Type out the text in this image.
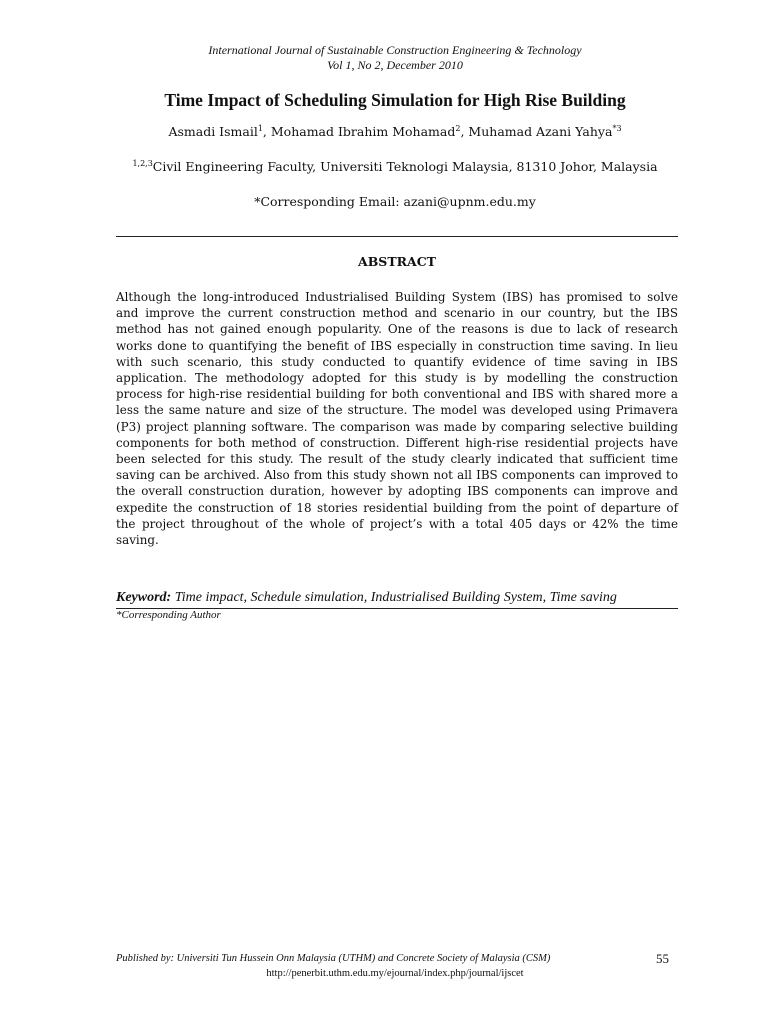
International Journal of Sustainable Construction Engineering & Technology
Vol 1, No 2, December 2010
Time Impact of Scheduling Simulation for High Rise Building
Asmadi Ismail$^1$, Mohamad Ibrahim Mohamad$^2$, Muhamad Azani Yahya$^{*3}$
$^{1,2,3}$Civil Engineering Faculty, Universiti Teknologi Malaysia, 81310 Johor, Malaysia
*Corresponding Email: azani@upnm.edu.my
ABSTRACT

Although the long-introduced Industrialised Building System (IBS) has promised to solve and improve the current construction method and scenario in our country, but the IBS method has not gained enough popularity. One of the reasons is due to lack of research works done to quantifying the benefit of IBS especially in construction time saving. In lieu with such scenario, this study conducted to quantify evidence of time saving in IBS application. The methodology adopted for this study is by modelling the construction process for high-rise residential building for both conventional and IBS with shared more a less the same nature and size of the structure. The model was developed using Primavera (P3) project planning software. The comparison was made by comparing selective building components for both method of construction. Different high-rise residential projects have been selected for this study. The result of the study clearly indicated that sufficient time saving can be archived. Also from this study shown not all IBS components can improved to the overall construction duration, however by adopting IBS components can improve and expedite the construction of 18 stories residential building from the point of departure of the project throughout of the whole of project’s with a total 405 days or 42% the time saving.

Keyword: Time impact, Schedule simulation, Industrialised Building System, Time saving
*Corresponding Author
Published by: Universiti Tun Hussein Onn Malaysia (UTHM) and Concrete Society of Malaysia (CSM)	55
http://penerbit.uthm.edu.my/ejournal/index.php/journal/ijscet
